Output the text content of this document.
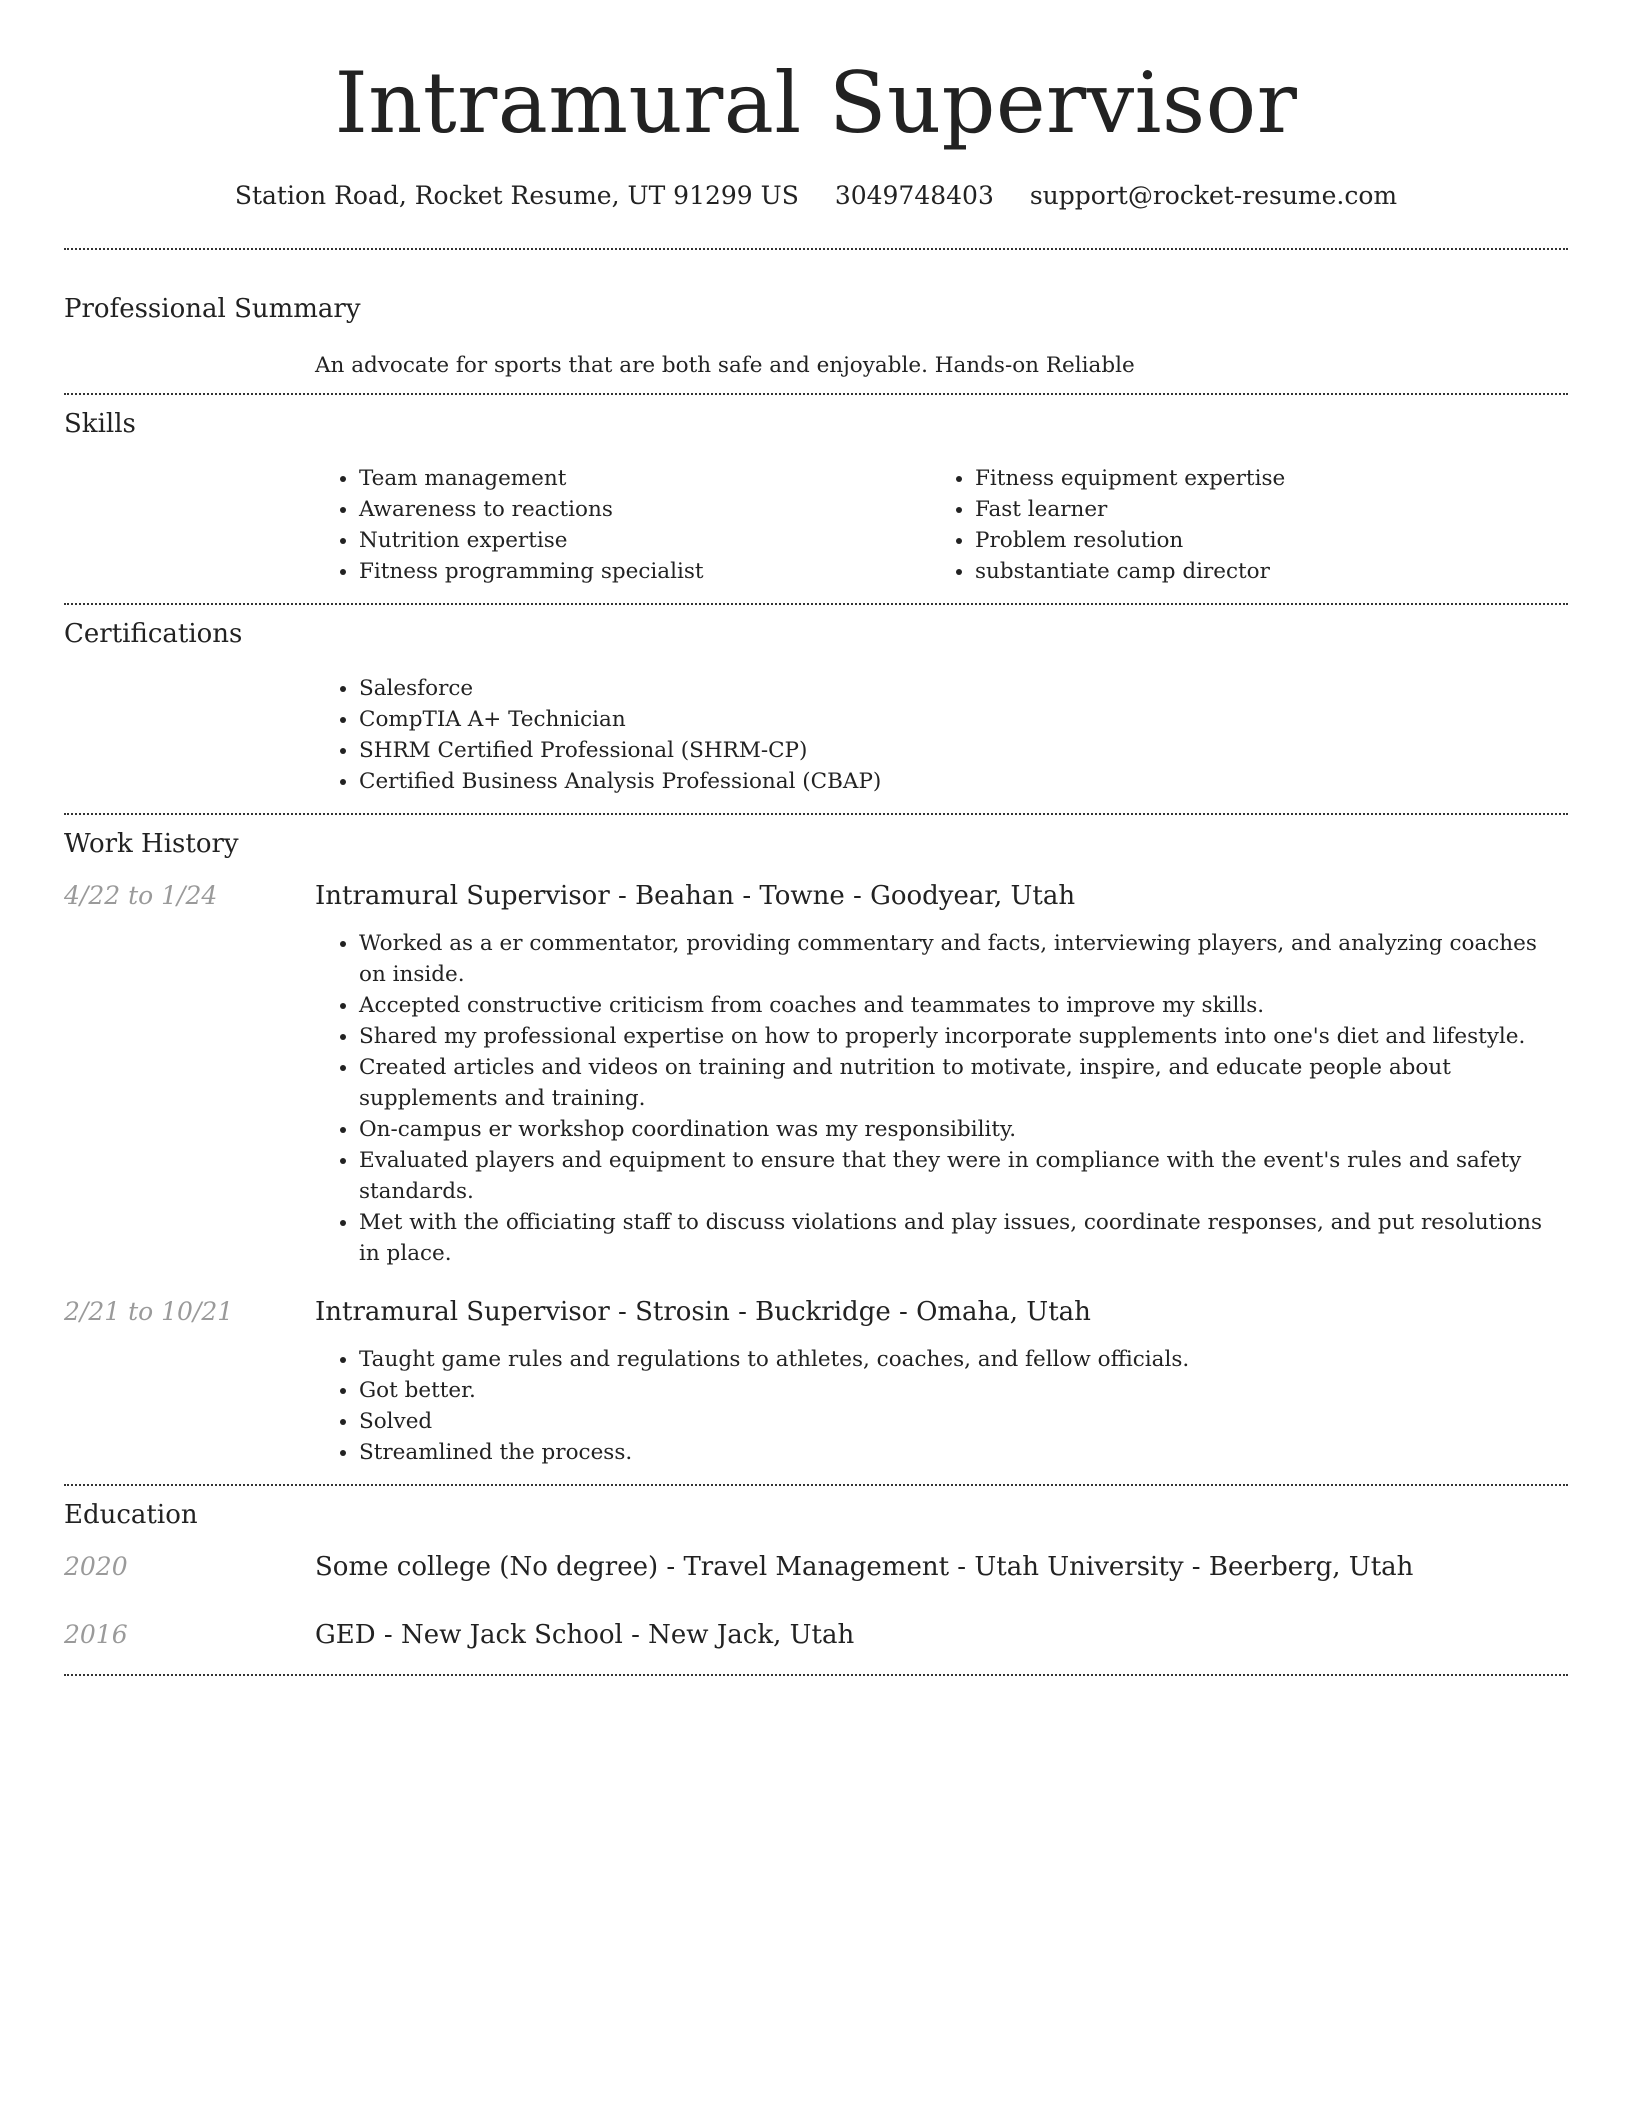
Intramural Supervisor
Station Road, Rocket Resume, UT 91299 US 3049748403 support@rocket-resume.com
Professional Summary
An advocate for sports that are both safe and enjoyable. Hands-on Reliable
Skills
• Team management
• Awareness to reactions
• Nutrition expertise
• Fitness programming specialist
• Fitness equipment expertise
• Fast learner
• Problem resolution
• substantiate camp director
Certifications
• Salesforce
• CompTIA A+ Technician
• SHRM Certified Professional (SHRM-CP)
• Certified Business Analysis Professional (CBAP)
Work History
4/22 to 1/24	Intramural Supervisor - Beahan - Towne - Goodyear, Utah
• Worked as a er commentator, providing commentary and facts, interviewing players, and analyzing coaches on inside.
• Accepted constructive criticism from coaches and teammates to improve my skills.
• Shared my professional expertise on how to properly incorporate supplements into one's diet and lifestyle.
• Created articles and videos on training and nutrition to motivate, inspire, and educate people about supplements and training.
• On-campus er workshop coordination was my responsibility.
• Evaluated players and equipment to ensure that they were in compliance with the event's rules and safety standards.
• Met with the officiating staff to discuss violations and play issues, coordinate responses, and put resolutions in place.
2/21 to 10/21	Intramural Supervisor - Strosin - Buckridge - Omaha, Utah
• Taught game rules and regulations to athletes, coaches, and fellow officials.
• Got better.
• Solved
• Streamlined the process.
Education
2020	Some college (No degree) - Travel Management - Utah University - Beerberg, Utah
2016	GED - New Jack School - New Jack, Utah
